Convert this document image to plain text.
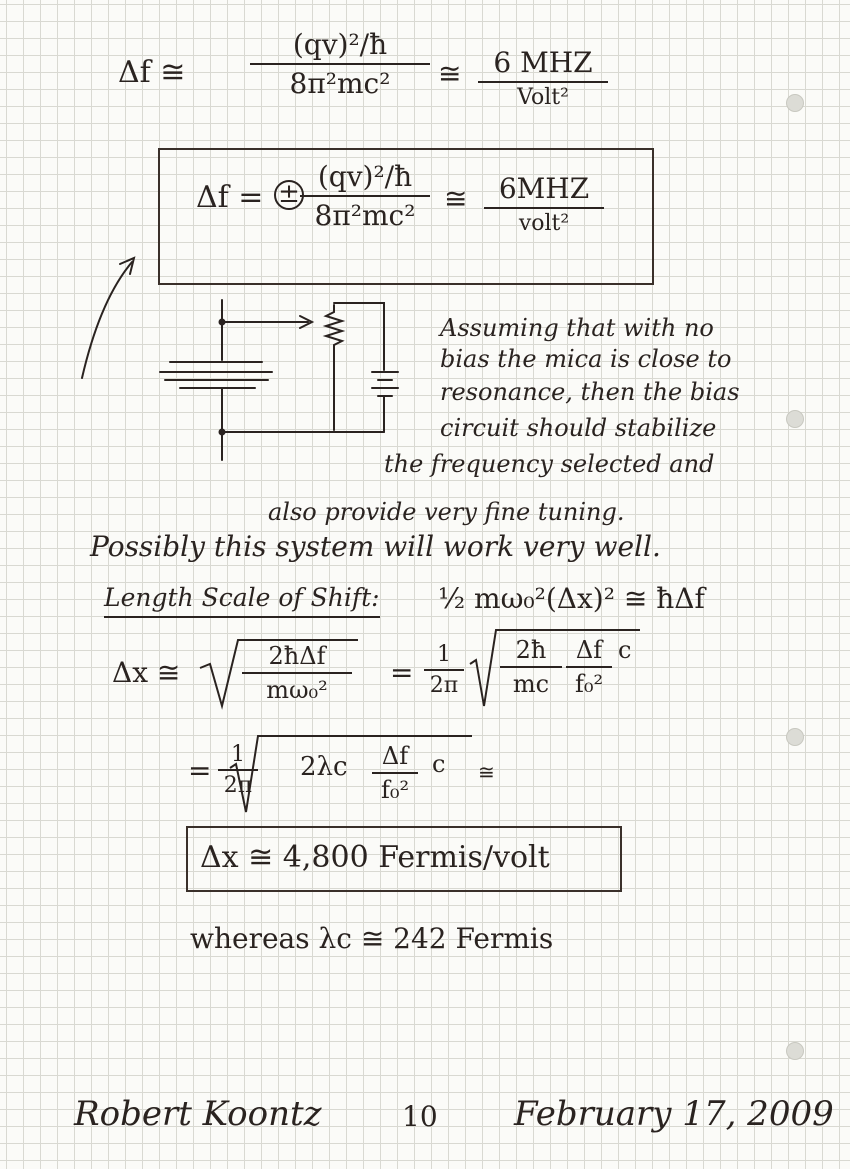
Δf ≅
(qv)²/ħ
8π²mc²	≅	6 MHZ
Volt²
Δf = ±
(qv)²/ħ
8π²mc²
≅	6MHZ
volt²
Assuming that with no
bias the mica is close to
resonance, then the bias
circuit should stabilize
the frequency selected and
also provide very fine tuning.
Possibly this system will work very well.
Length Scale of Shift: ½ mω₀²(Δx)² ≅ ħΔf
Δx ≅	2ħΔf
mω₀²
=
1
2π
2ħ
mc
Δf
f₀²
c
= 1
2π
2λc	Δf
f₀²
c ≅
Δx ≅ 4,800 Fermis/volt
whereas λc ≅ 242 Fermis
Robert Koontz	10 February 17, 2009
